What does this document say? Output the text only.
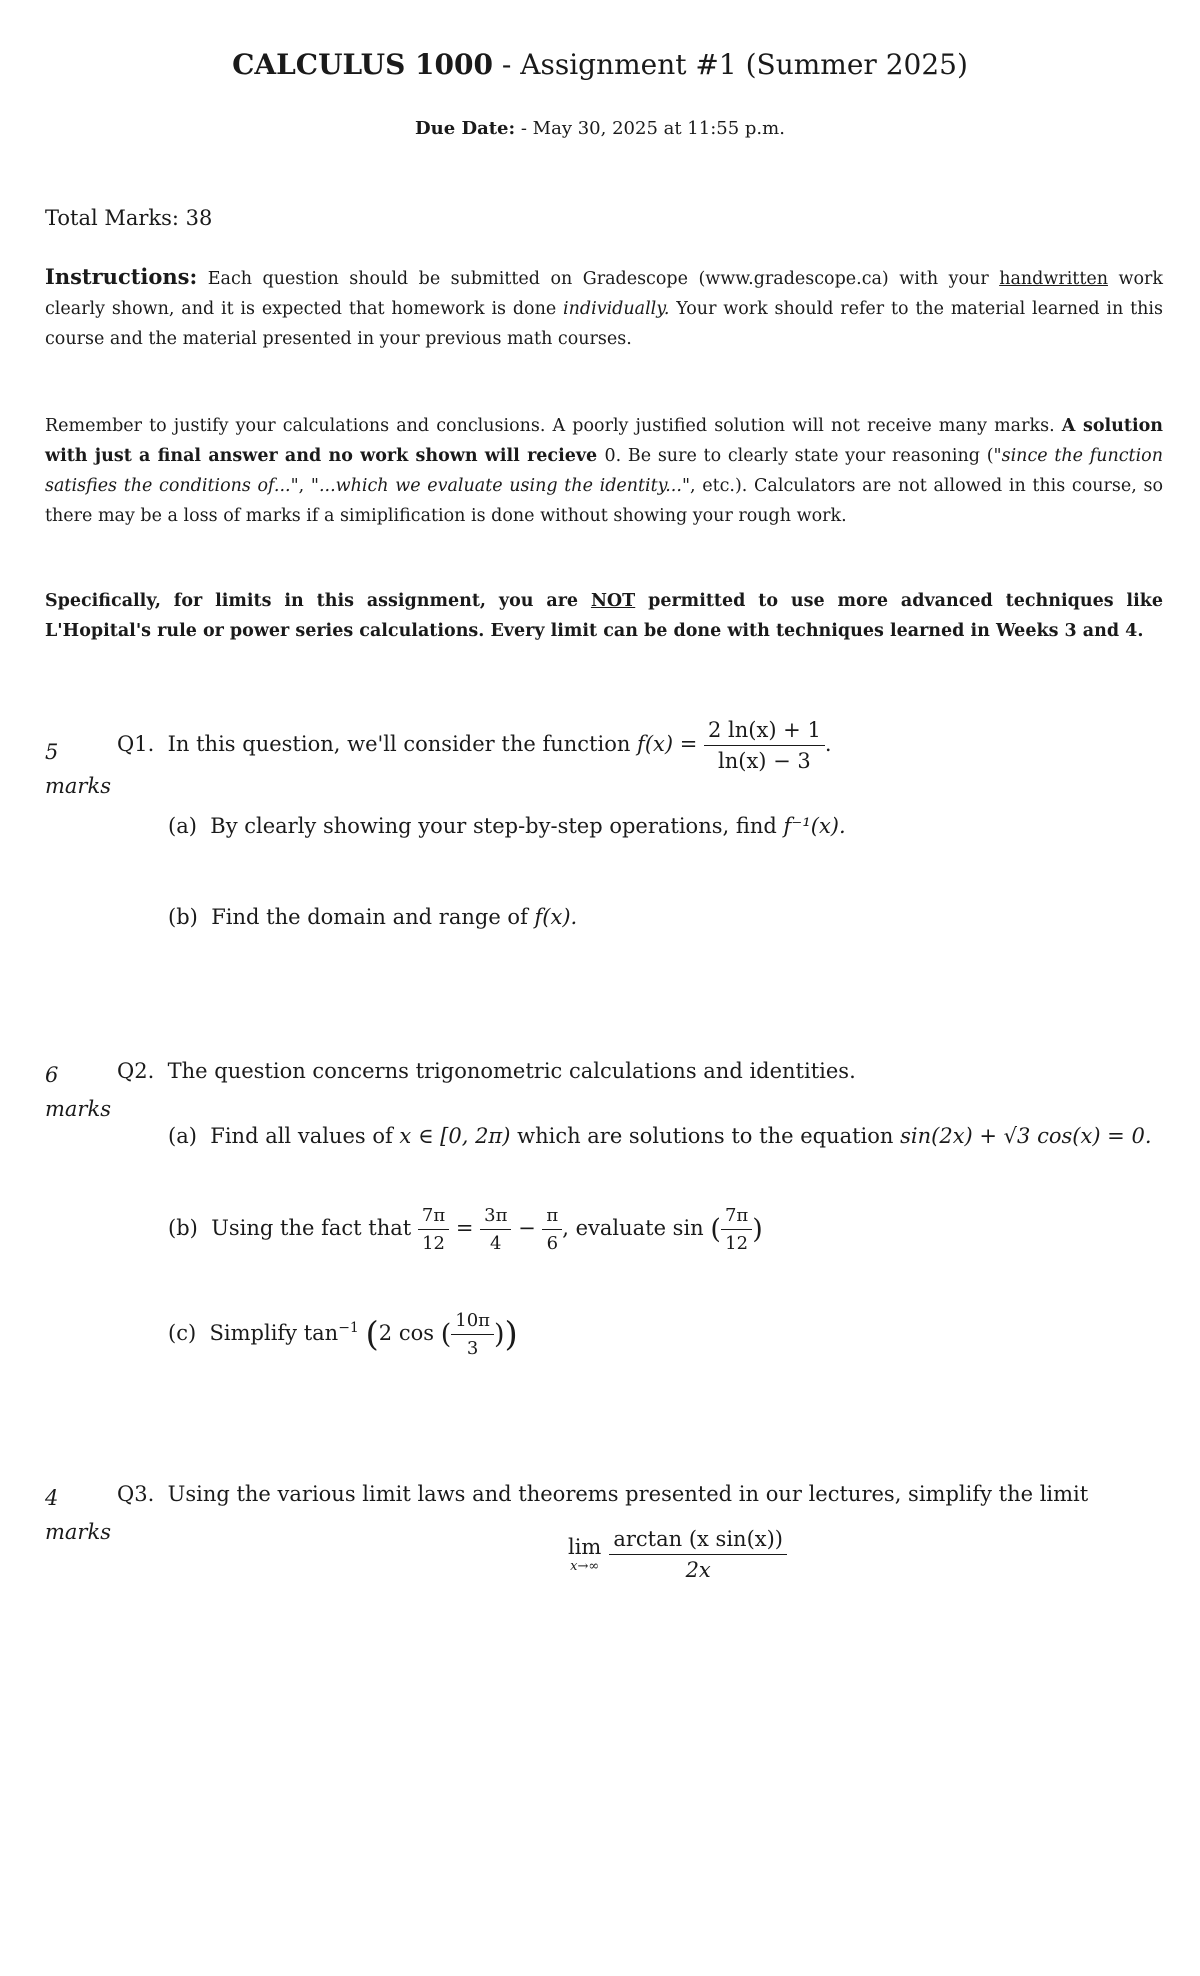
CALCULUS 1000 - Assignment #1 (Summer 2025)
Due Date: - May 30, 2025 at 11:55 p.m.
Total Marks: 38
Instructions: Each question should be submitted on Gradescope (www.gradescope.ca) with your handwritten work clearly shown, and it is expected that homework is done individually. Your work should refer to the material learned in this course and the material presented in your previous math courses.
Remember to justify your calculations and conclusions. A poorly justified solution will not receive many marks. A solution with just a final answer and no work shown will recieve 0. Be sure to clearly state your reasoning ("since the function satisfies the conditions of...", "...which we evaluate using the identity...", etc.). Calculators are not allowed in this course, so there may be a loss of marks if a simiplification is done without showing your rough work.
Specifically, for limits in this assignment, you are NOT permitted to use more advanced techniques like L'Hopital's rule or power series calculations. Every limit can be done with techniques learned in Weeks 3 and 4.
5
marks
Q1. In this question, we'll consider the function $f(x) = \frac{2 \ln(x) + 1}{\ln(x) - 3}$ .
(a) By clearly showing your step-by-step operations, find f⁻¹(x).
(b) Find the domain and range of f(x).
6
marks
Q2. The question concerns trigonometric calculations and identities.
(a) Find all values of x ∈ [0, 2π) which are solutions to the equation sin(2x) + √3 cos(x) = 0.
(b) Using the fact that $\frac{7\pi}{12} = \frac{3\pi}{4} - \frac{\pi}{6}$ , evaluate sin ( $\frac{7\pi}{12}$ )
(c) Simplify $\tan^{-1} (2$ cos ( $\frac{10\pi}{3}$ ))
4
marks
Q3. Using the various limit laws and theorems presented in our lectures, simplify the limit
lim
$x\to\infty \frac{\text{arctan (x sin(x))}}{2x}$
